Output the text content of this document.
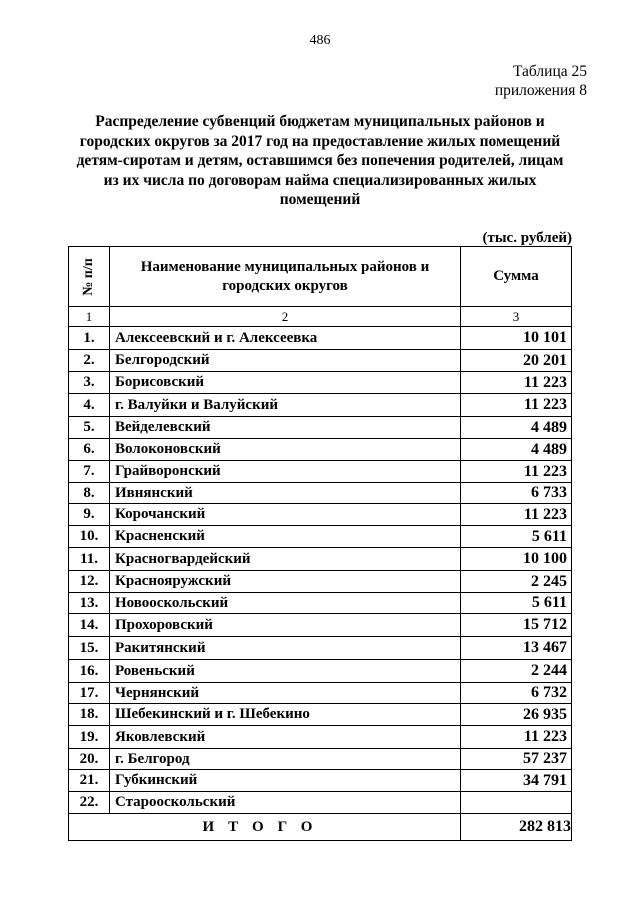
486
Таблица 25
приложения 8
Распределение субвенций бюджетам муниципальных районов и
городских округов за 2017 год на предоставление жилых помещений
детям-сиротам и детям, оставшимся без попечения родителей, лицам
из их числа по договорам найма специализированных жилых
помещений
(тыс. рублей)
№ п/п	Наименование муниципальных районов и
городских округов	Сумма
1	2	3
1.	Алексеевский и г. Алексеевка	10 101
2.	Белгородский	20 201
3.	Борисовский	11 223
4.	г. Валуйки и Валуйский	11 223
5.	Вейделевский	4 489
6.	Волоконовский	4 489
7.	Грайворонский	11 223
8.	Ивнянский	6 733
9.	Корочанский	11 223
10.	Красненский	5 611
11.	Красногвардейский	10 100
12.	Краснояружский	2 245
13.	Новооскольский	5 611
14.	Прохоровский	15 712
15.	Ракитянский	13 467
16.	Ровеньский	2 244
17.	Чернянский	6 732
18.	Шебекинский и г. Шебекино	26 935
19.	Яковлевский	11 223
20.	г. Белгород	57 237
21.	Губкинский	34 791
22.	Старооскольский	
ИТОГО		282 813
